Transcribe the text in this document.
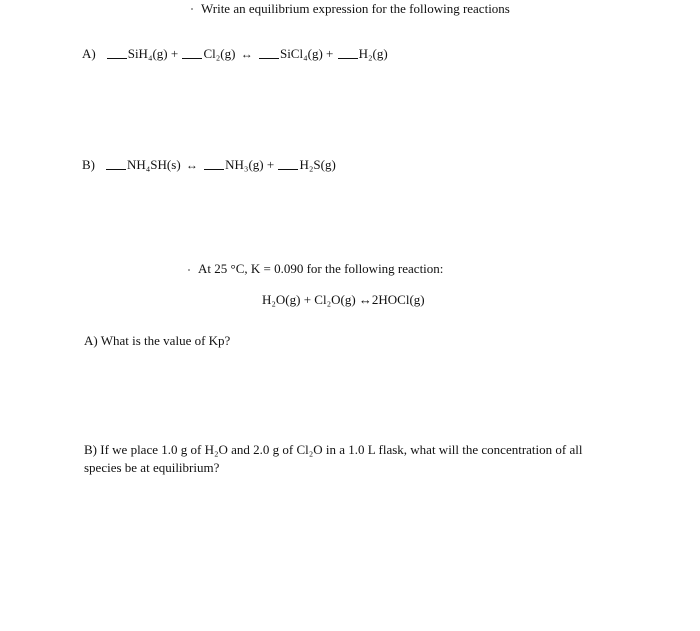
Write an equilibrium expression for the following reactions
A) SiH₄(g) + Cl₂(g) ↔ SiCl₄(g) + H₂(g)
B) NH₄SH(s) ↔ NH₃(g) + H₂S(g)
At 25 °C, K = 0.090 for the following reaction:
H₂O(g) + Cl₂O(g) ↔2HOCl(g)
A) What is the value of Kp?
B) If we place 1.0 g of H₂O and 2.0 g of Cl₂O in a 1.0 L flask, what will the concentration of all species be at equilibrium?
